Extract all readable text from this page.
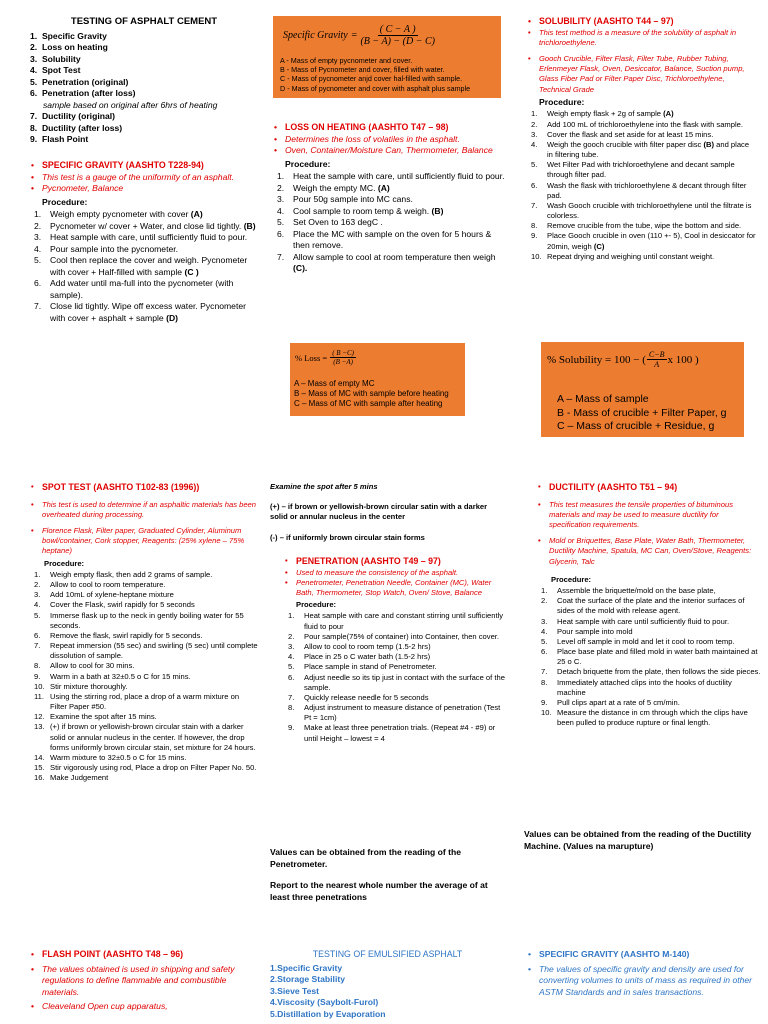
TESTING OF ASPHALT CEMENT
1.  Specific Gravity
2.  Loss on heating
3.  Solubility
4.  Spot Test
5.  Penetration (original)
6.  Penetration (after loss)
sample based on original after 6hrs of heating
7.  Ductility (original)
8.  Ductility (after loss)
9.  Flash Point
• SPECIFIC GRAVITY (AASHTO T228-94)
• This test is a gauge of the uniformity of an asphalt.
• Pycnometer, Balance
Procedure:
1. Weigh empty pycnometer with cover (A)
2. Pycnometer w/ cover + Water, and close lid tightly. (B)
3. Heat sample with care, until sufficiently fluid to pour.
4. Pour sample into the pycnometer.
5. Cool then replace the cover and weigh. Pycnometer with cover + Half-filled with sample (C )
6. Add water until ma-full into the pycnometer (with sample).
7. Close lid tightly. Wipe off excess water. Pycnometer with cover + asphalt + sample (D)
Specific Gravity = $\frac{( C - A )}{(B - A) - (D - C)}$
A - Mass of empty pycnometer and cover.
B - Mass of Pycnometer and cover, filled with water.
C - Mass of pycnometer anjd cover hal-filled with sample.
D - Mass of pycnometer and cover with asphalt plus sample
• LOSS ON HEATING (AASHTO T47 – 98)
• Determines the loss of volatiles in the asphalt.
• Oven, Container/Moisture Can, Thermometer, Balance
Procedure:
1. Heat the sample with care, until sufficiently fluid to pour.
2. Weigh the empty MC. (A)
3. Pour 50g sample into MC cans.
4. Cool sample to room temp & weigh. (B)
5. Set Oven to 163 degC .
6. Place the MC with sample on the oven for 5 hours & then remove.
7. Allow sample to cool at room temperature then weigh (C).
% Loss = $\frac{( B -C)}{(B -A)}$
A – Mass of empty MC
B – Mass of MC with sample before heating
C – Mass of MC with sample after heating
• SOLUBILITY (AASHTO T44 – 97)
• This test method is a measure of the solubility of asphalt in trichloroethylene.
• Gooch Crucible, Filter Flask, Filter Tube, Rubber Tubing, Erlenmeyer Flask, Oven, Desiccator, Balance, Suction pump, Glass Fiber Pad or Filter Paper Disc, Trichloroethylene, Technical Grade
Procedure:
1. Weigh empty flask + 2g of sample (A)
2. Add 100 mL of trichloroethylene into the flask with sample.
3. Cover the flask and set aside for at least 15 mins.
4. Weigh the gooch crucible with filter paper disc (B) and place in filtering tube.
5. Wet Filter Pad with trichloroethylene and decant sample through filter pad.
6. Wash the flask with trichloroethylene & decant through filter pad.
7. Wash Gooch crucible with trichloroethylene until the filtrate is colorless.
8. Remove crucible from the tube, wipe the bottom and side.
9. Place Gooch crucible in oven (110 +- 5), Cool in desiccator for 20min, weigh (C)
10. Repeat drying and weighing until constant weight.
% Solubility = 100 − ( $\frac{C-B}{A}$ x 100 )
A – Mass of sample
B - Mass of crucible + Filter Paper, g
C – Mass of crucible + Residue, g
• SPOT TEST (AASHTO T102-83 (1996))
• This test is used to determine if an asphaltic materials has been overheated during processing.
• Florence Flask, Filter paper, Graduated Cylinder, Aluminum bowl/container, Cork stopper, Reagents: (25% xylene – 75% heptane)
Procedure:
1. Weigh empty flask, then add 2 grams of sample.
2. Allow to cool to room temperature.
3. Add 10mL of xylene-heptane mixture
4. Cover the Flask, swirl rapidly for 5 seconds
5. Immerse flask up to the neck in gently boiling water for 55 seconds.
6. Remove the flask, swirl rapidly for 5 seconds.
7. Repeat immersion (55 sec) and swirling (5 sec) until complete dissolution of sample.
8. Allow to cool for 30 mins.
9. Warm in a bath at 32±0.5 o C for 15 mins.
10. Stir mixture thoroughly.
11. Using the stirring rod, place a drop of a warm mixture on Filter Paper #50.
12. Examine the spot after 15 mins.
13. (+) if brown or yellowish-brown circular stain with a darker solid or annular nucleus in the center. If however, the drop forms uniformly brown circular stain, set mixture for 24 hours.
14. Warm mixture to 32±0.5 o C for 15 mins.
15. Stir vigorously using rod, Place a drop on Filter Paper No. 50.
16. Make Judgement
Examine the spot after 5 mins
(+) – if brown or yellowish-brown circular satin with a darker solid or annular nucleus in the center
(-) – if uniformly brown circular stain forms
• PENETRATION (AASHTO T49 – 97)
• Used to measure the consistency of the asphalt.
• Penetrometer, Penetration Needle, Container (MC), Water Bath, Thermometer, Stop Watch, Oven/ Stove, Balance
Procedure:
1. Heat sample with care and constant stirring until sufficiently fluid to pour
2. Pour sample(75% of container) into Container, then cover.
3. Allow to cool to room temp (1.5-2 hrs)
4. Place in 25 o C water bath (1.5-2 hrs)
5. Place sample in stand of Penetrometer.
6. Adjust needle so its tip just in contact with the surface of the sample.
7. Quickly release needle for 5 seconds
8. Adjust instrument to measure distance of penetration (Test Pt = 1cm)
9. Make at least three penetration trials. (Repeat #4 - #9) or until Height – lowest = 4
Values can be obtained from the reading of the Penetrometer.
Report to the nearest whole number the average of at least three penetrations
• DUCTILITY (AASHTO T51 – 94)
• This test measures the tensile properties of bituminous materials and may be used to measure ductility for specification requirements.
• Mold or Briquettes, Base Plate, Water Bath, Thermometer, Ductility Machine, Spatula, MC Can, Oven/Stove, Reagents: Glycerin, Talc
Procedure:
1. Assemble the briquette/mold on the base plate,
2. Coat the surface of the plate and the interior surfaces of sides of the mold with release agent.
3. Heat sample with care until sufficiently fluid to pour.
4. Pour sample into mold
5. Level off sample in mold and let it cool to room temp.
6. Place base plate and filled mold in water bath maintained at 25 o C.
7. Detach briquette from the plate, then follows the side pieces.
8. Immediately attached clips into the hooks of ductility machine
9. Pull clips apart at a rate of 5 cm/min.
10. Measure the distance in cm through which the clips have been pulled to produce rupture or final length.
Values can be obtained from the reading of the Ductility Machine. (Values na marupture)
• FLASH POINT (AASHTO T48 – 96)
• The values obtained is used in shipping and safety regulations to define flammable and combustible materials.
• Cleaveland Open cup apparatus,
TESTING OF EMULSIFIED ASPHALT
1.Specific Gravity
2.Storage Stability
3.Sieve Test
4.Viscosity (Saybolt-Furol)
5.Distillation by Evaporation
• SPECIFIC GRAVITY (AASHTO M-140)
• The values of specific gravity and density are used for converting volumes to units of mass as required in other ASTM Standards and in sales transactions.
